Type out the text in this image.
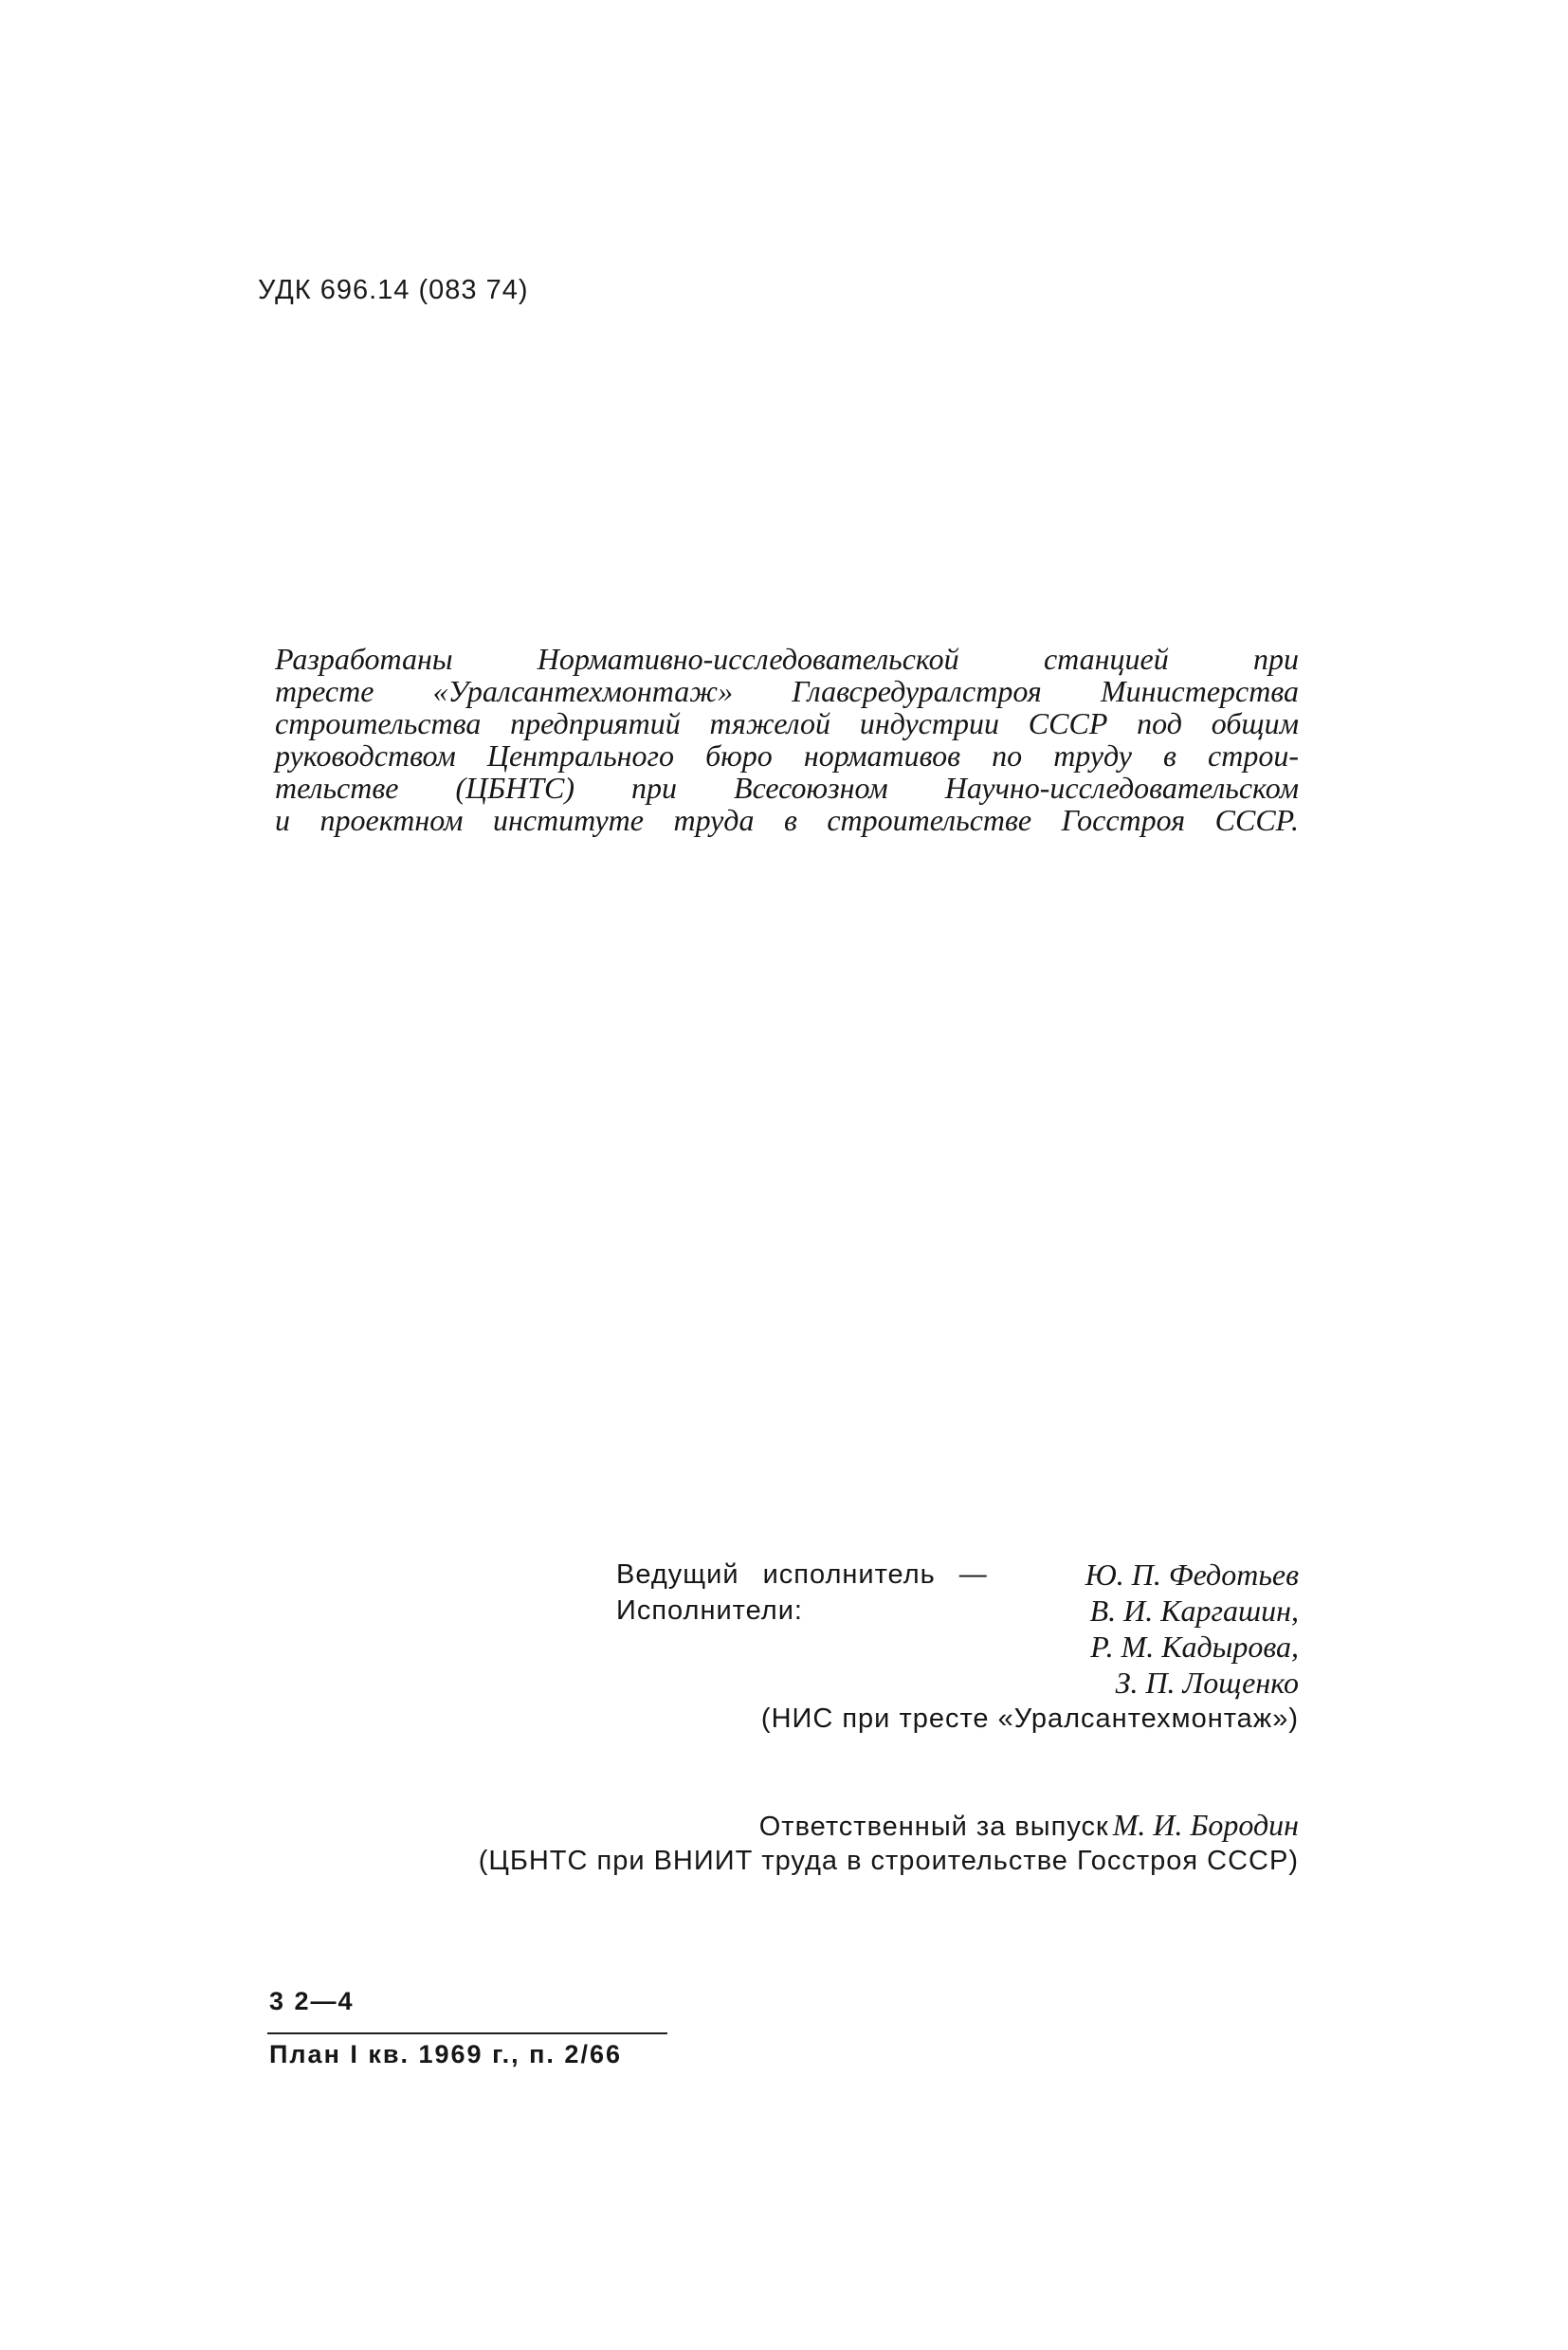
УДК 696.14 (083 74)
Разработаны Нормативно-исследовательской станцией при
тресте «Уралсантехмонтаж» Главсредуралстроя Министерства
строительства предприятий тяжелой индустрии СССР под общим
руководством Центрального бюро нормативов по труду в строи-
тельстве (ЦБНТС) при Всесоюзном Научно-исследовательском
и проектном институте труда в строительстве Госстроя СССР.
Ведущий исполнитель —	Ю. П. Федотьев
Исполнители:	В. И. Каргашин,
Р. М. Кадырова,
З. П. Лощенко
(НИС при тресте «Уралсантехмонтаж»)
Ответственный за выпуск М. И. Бородин
(ЦБНТС при ВНИИТ труда в строительстве Госстроя СССР)
3 2—4
План I кв. 1969 г., п. 2/66
